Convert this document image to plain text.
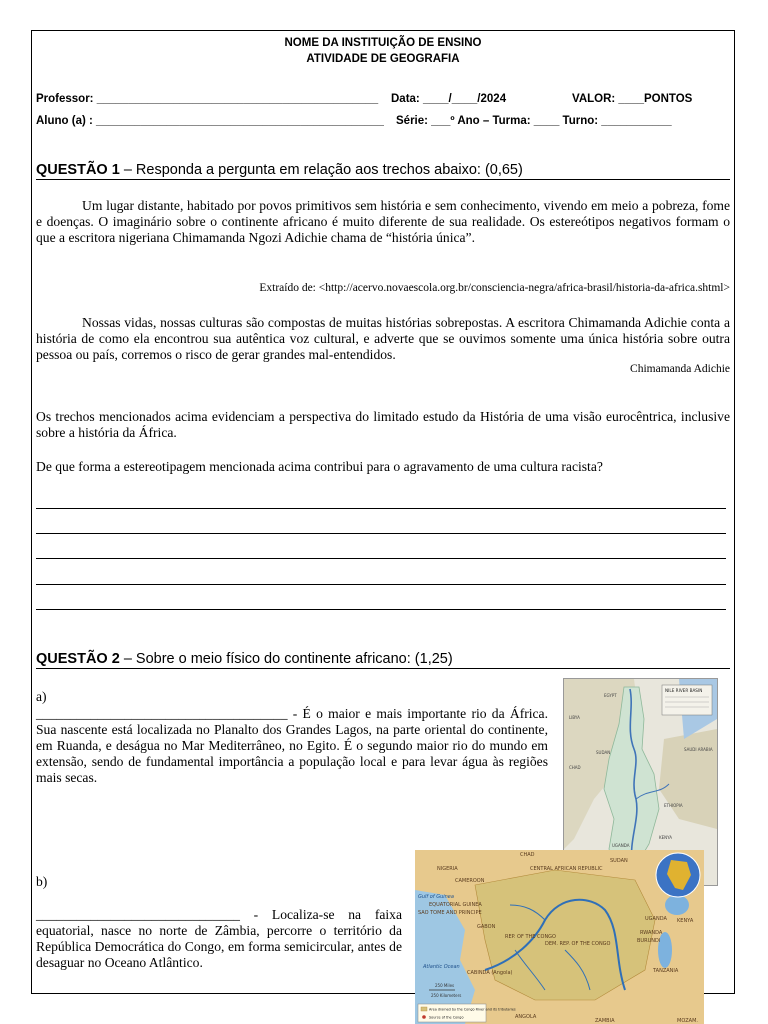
NOME DA INSTITUIÇÃO DE ENSINO
ATIVIDADE DE GEOGRAFIA
Professor: ____________________________________________ Data: ____/____/2024	VALOR: ____PONTOS
Aluno (a) : _____________________________________________ Série: ___º Ano – Turma: ____ Turno: ___________
QUESTÃO 1 – Responda a pergunta em relação aos trechos abaixo: (0,65)
Um lugar distante, habitado por povos primitivos sem história e sem conhecimento, vivendo em meio a pobreza, fome e doenças. O imaginário sobre o continente africano é muito diferente de sua realidade. Os estereótipos negativos formam o que a escritora nigeriana Chimamanda Ngozi Adichie chama de “história única”.
Extraído de: <http://acervo.novaescola.org.br/consciencia-negra/africa-brasil/historia-da-africa.shtml>
Nossas vidas, nossas culturas são compostas de muitas histórias sobrepostas. A escritora Chimamanda Adichie conta a história de como ela encontrou sua autêntica voz cultural, e adverte que se ouvimos somente uma única história sobre outra pessoa ou país, corremos o risco de gerar grandes mal-entendidos.
Chimamanda Adichie
Os trechos mencionados acima evidenciam a perspectiva do limitado estudo da História de uma visão eurocêntrica, inclusive sobre a história da África.
De que forma a estereotipagem mencionada acima contribui para o agravamento de uma cultura racista?
QUESTÃO 2 – Sobre o meio físico do continente africano: (1,25)
a)
_____________________________________ - É o maior e mais importante rio da África. Sua nascente está localizada no Planalto dos Grandes Lagos, na parte oriental do continente, em Ruanda, e deságua no Mar Mediterrâneo, no Egito. É o segundo maior rio do mundo em extensão, sendo de fundamental importância a população local e para levar água às regiões mais secas.
b)
______________________________ - Localiza-se na faixa equatorial, nasce no norte de Zâmbia, percorre o território da República Democrática do Congo, em forma semicircular, antes de desaguar no Oceano Atlântico.
NILE RIVER BASIN
EGYPT
LIBYA
CHAD
SUDAN
SAUDI ARABIA
ETHIOPIA
UGANDA
KENYA
CHAD
NIGERIA	CENTRAL AFRICAN REPUBLIC
SUDAN
CAMEROON
Gulf of Guinea
EQUATORIAL GUINEA
SAO TOME AND PRINCIPE
GABON
REP. OF THE CONGO
DEM. REP. OF THE CONGO
UGANDA KENYA
RWANDA
BURUNDI
TANZANIA
Atlantic Ocean
CABINDA (Angola)
ANGOLA
ZAMBIA	MOZAM.
250 Miles
250 Kilometers
Area drained by the Congo River and its tributaries
Source of the Congo
